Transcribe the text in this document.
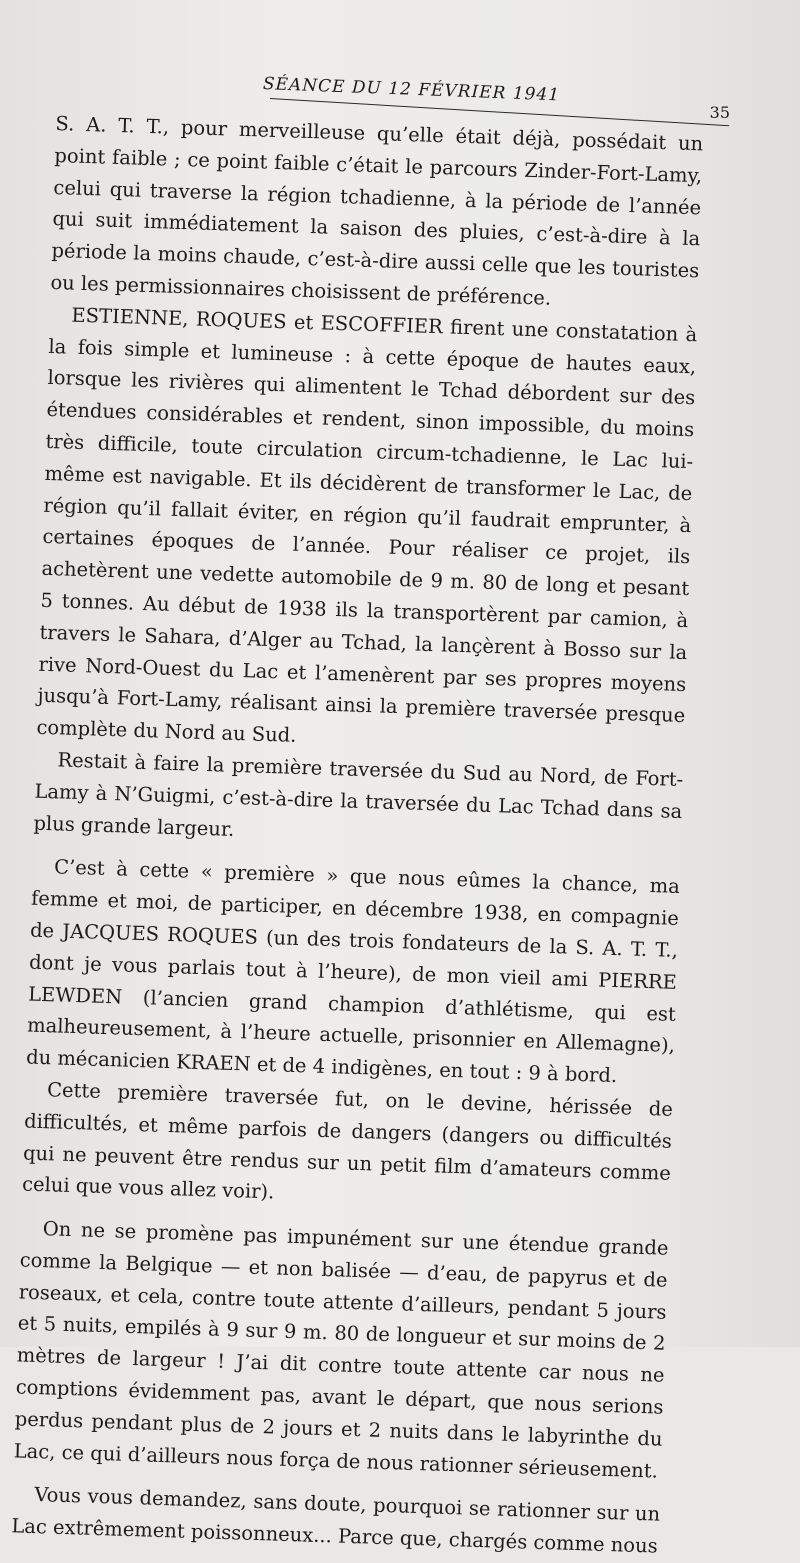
SÉANCE DU 12 FÉVRIER 1941
35

S. A. T. T., pour merveilleuse qu’elle était déjà, possédait un point faible ; ce point faible c’était le parcours Zinder-Fort-Lamy, celui qui traverse la région tchadienne, à la période de l’année qui suit immédiatement la saison des pluies, c’est-à-dire à la période la moins chaude, c’est-à-dire aussi celle que les touristes ou les permissionnaires choisissent de préférence.

ESTIENNE, ROQUES et ESCOFFIER firent une constatation à la fois simple et lumineuse : à cette époque de hautes eaux, lorsque les rivières qui alimentent le Tchad débordent sur des étendues considérables et rendent, sinon impossible, du moins très difficile, toute circulation circum-tchadienne, le Lac lui-même est navigable. Et ils décidèrent de transformer le Lac, de région qu’il fallait éviter, en région qu’il faudrait emprunter, à certaines époques de l’année. Pour réaliser ce projet, ils achetèrent une vedette automobile de 9 m. 80 de long et pesant 5 tonnes. Au début de 1938 ils la transportèrent par camion, à travers le Sahara, d’Alger au Tchad, la lançèrent à Bosso sur la rive Nord-Ouest du Lac et l’amenèrent par ses propres moyens jusqu’à Fort-Lamy, réalisant ainsi la première traversée presque complète du Nord au Sud.

Restait à faire la première traversée du Sud au Nord, de Fort-Lamy à N’Guigmi, c’est-à-dire la traversée du Lac Tchad dans sa plus grande largeur.

C’est à cette « première » que nous eûmes la chance, ma femme et moi, de participer, en décembre 1938, en compagnie de JACQUES ROQUES (un des trois fondateurs de la S. A. T. T., dont je vous parlais tout à l’heure), de mon vieil ami PIERRE LEWDEN (l’ancien grand champion d’athlétisme, qui est malheureusement, à l’heure actuelle, prisonnier en Allemagne), du mécanicien KRAEN et de 4 indigènes, en tout : 9 à bord.

Cette première traversée fut, on le devine, hérissée de difficultés, et même parfois de dangers (dangers ou difficultés qui ne peuvent être rendus sur un petit film d’amateurs comme celui que vous allez voir).

On ne se promène pas impunément sur une étendue grande comme la Belgique — et non balisée — d’eau, de papyrus et de roseaux, et cela, contre toute attente d’ailleurs, pendant 5 jours et 5 nuits, empilés à 9 sur 9 m. 80 de longueur et sur moins de 2 mètres de largeur ! J’ai dit contre toute attente car nous ne comptions évidemment pas, avant le départ, que nous serions perdus pendant plus de 2 jours et 2 nuits dans le labyrinthe du Lac, ce qui d’ailleurs nous força de nous rationner sérieusement.

Vous vous demandez, sans doute, pourquoi se rationner sur un Lac extrêmement poissonneux... Parce que, chargés comme nous
